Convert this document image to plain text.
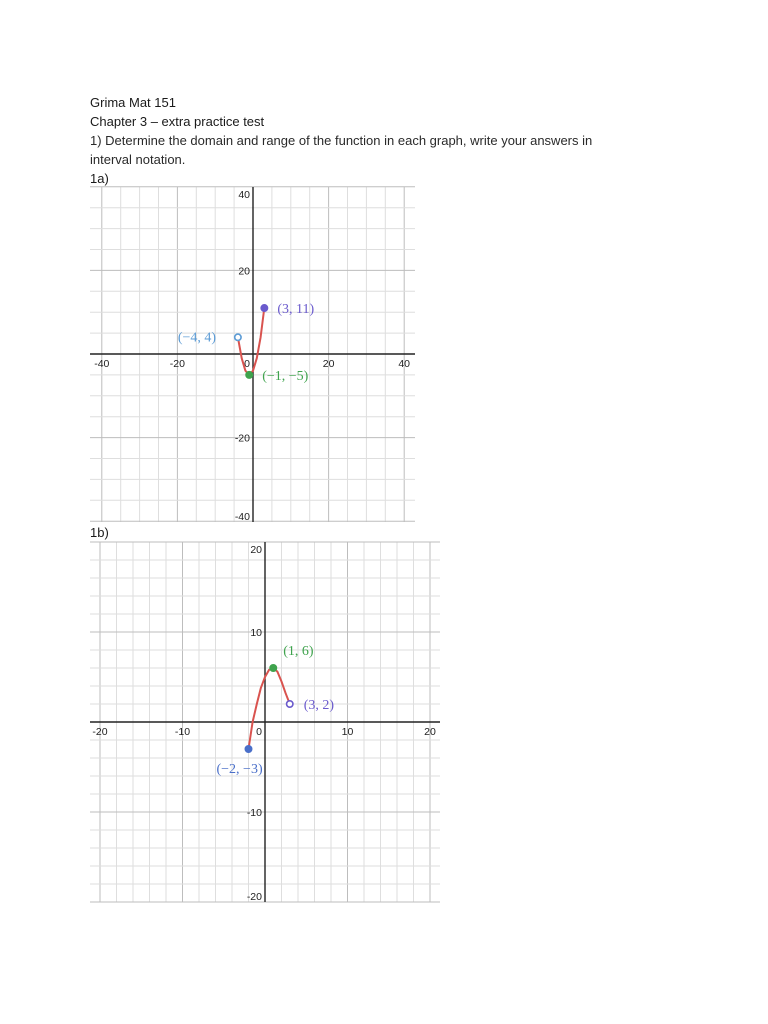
Grima Mat 151
Chapter 3 – extra practice test
1) Determine the domain and range of the function in each graph, write your answers in
interval notation.
1a)
1b)
-40	-20	0	20	40
40
20
-20
-40
(−4, 4)
(−1, −5)
(3, 11)
-20	-10	0	10	20
20
10
-10
-20
(−2, −3)
(1, 6)
(3, 2)
